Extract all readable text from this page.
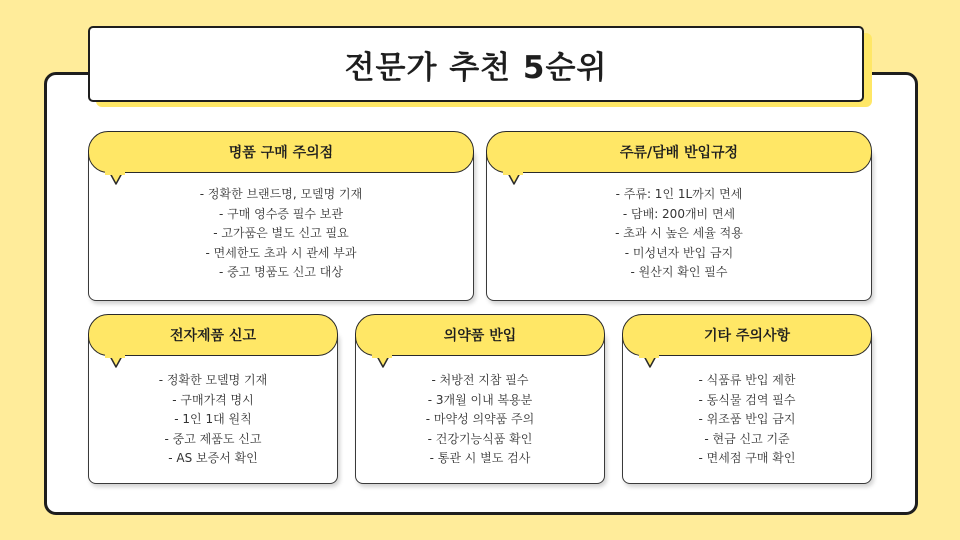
전문가 추천 5순위
명품 구매 주의점
- 정확한 브랜드명, 모델명 기재
- 구매 영수증 필수 보관
- 고가품은 별도 신고 필요
- 면세한도 초과 시 관세 부과
- 중고 명품도 신고 대상
주류/담배 반입규정
- 주류: 1인 1L까지 면세
- 담배: 200개비 면세
- 초과 시 높은 세율 적용
- 미성년자 반입 금지
- 원산지 확인 필수
전자제품 신고
- 정확한 모델명 기재
- 구매가격 명시
- 1인 1대 원칙
- 중고 제품도 신고
- AS 보증서 확인
의약품 반입
- 처방전 지참 필수
- 3개월 이내 복용분
- 마약성 의약품 주의
- 건강기능식품 확인
- 통관 시 별도 검사
기타 주의사항
- 식품류 반입 제한
- 동식물 검역 필수
- 위조품 반입 금지
- 현금 신고 기준
- 면세점 구매 확인
